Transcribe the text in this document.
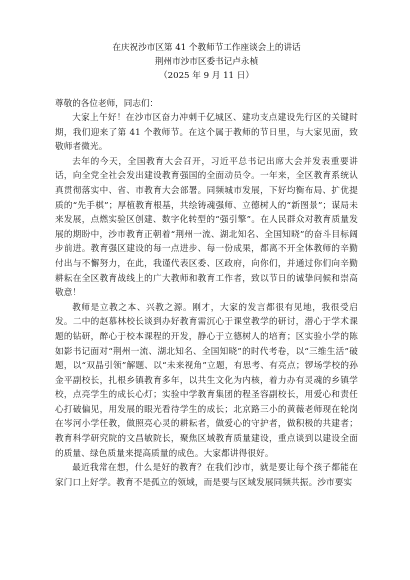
在庆祝沙市区第 41 个教师节工作座谈会上的讲话

荆州市沙市区委书记卢永楨

（2025 年 9 月 11 日）

尊敬的各位老师，同志们：

大家上午好！在沙市区奋力冲刺千亿城区、建功支点建设先行区的关键时期，我们迎来了第 41 个教师节。在这个属于教师的节日里，与大家见面，致敬师者微光。

去年的今天，全国教育大会召开，习近平总书记出席大会并发表重要讲话，向全党全社会发出建设教育强国的全面动员令。一年来，全区教育系统认真贯彻落实中、省、市教育大会部署。同频城市发展，下好均衡布局、扩优提质的“先手棋”；厚植教育根基，共绘铸魂强师、立德树人的“新图景”；谋局未来发展，点燃实验区创建、数字化转型的“强引擎”。在人民群众对教育质量发展的期盼中，沙市教育正朝着“荆州一流、湖北知名、全国知晓”的奋斗目标阔步前进。教育强区建设的每一点进步、每一份成果，都离不开全体教师的辛勤付出与不懈努力，在此，我谨代表区委、区政府，向你们，并通过你们向辛勤耕耘在全区教育战线上的广大教师和教育工作者，致以节日的诚挚问候和崇高敬意！

教师是立教之本、兴教之源。刚才，大家的发言都很有见地，我很受启发。二中的赵慕林校长谈到办好教育需沉心于课堂教学的研讨，潜心于学术课题的钻研，醉心于校本课程的开发，静心于立德树人的培育；区实验小学的陈如影书记面对“荆州一流、湖北知名、全国知晓”的时代考卷，以“三维生活”破题，以“双晶引领”解题、以“未来视角”立题，有思考、有亮点；锣场学校的孙金平副校长，扎根乡镇教育多年，以共生文化为内核，着力办有灵魂的乡镇学校，点亮学生的成长心灯；实验中学教育集团的程圣容副校长，用爱心和责任心打破偏见，用发展的眼光看待学生的成长；北京路三小的黄薇老师现在轮岗在岑河小学任教，做照亮心灵的耕耘者，做爱心的守护者，做积极的共建者；教育科学研究院的文昌敏院长，聚焦区域教育质量建设，重点谈到以建设全面的质量、绿色质量来提高质量的成色。大家都讲得很好。

最近我常在想，什么是好的教育？在我们沙市，就是要让每个孩子都能在家门口上好学。教育不是孤立的领域，而是要与区域发展同频共振。沙市要实
